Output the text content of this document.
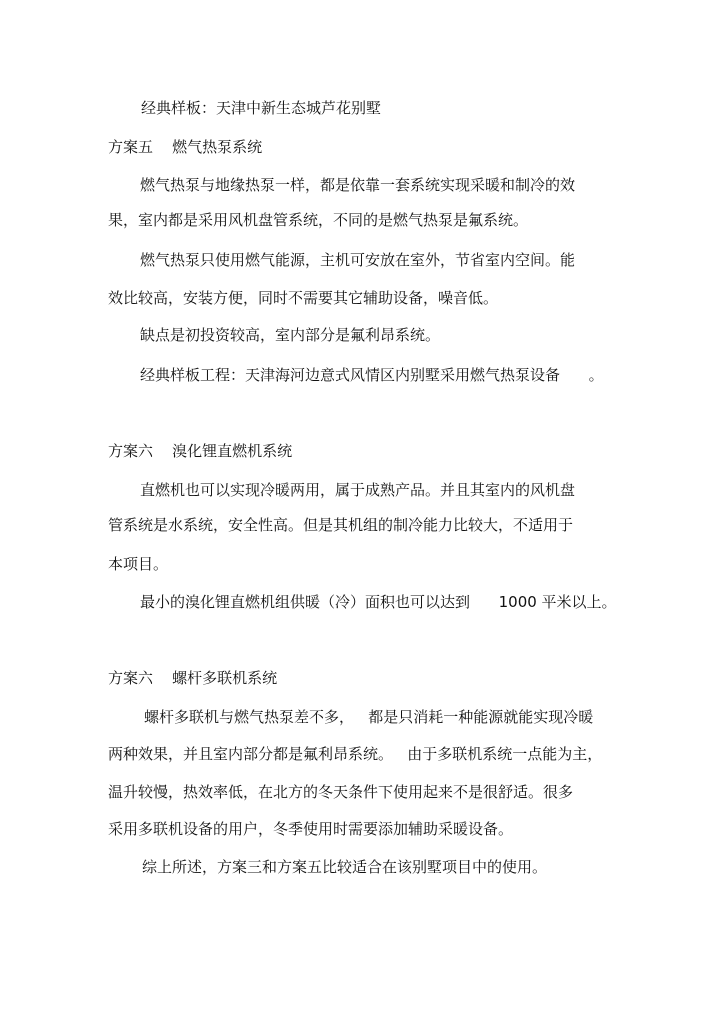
经典样板：天津中新生态城芦花别墅

方案五    燃气热泵系统

燃气热泵与地缘热泵一样，都是依靠一套系统实现采暖和制冷的效

果，室内都是采用风机盘管系统，不同的是燃气热泵是氟系统。

燃气热泵只使用燃气能源，主机可安放在室外，节省室内空间。能

效比较高，安装方便，同时不需要其它辅助设备，噪音低。

缺点是初投资较高，室内部分是氟利昂系统。

经典样板工程：天津海河边意式风情区内别墅采用燃气热泵设备      。

方案六    溴化锂直燃机系统

直燃机也可以实现冷暖两用，属于成熟产品。并且其室内的风机盘

管系统是水系统，安全性高。但是其机组的制冷能力比较大，不适用于

本项目。

最小的溴化锂直燃机组供暖（冷）面积也可以达到      1000 平米以上。

方案六    螺杆多联机系统

螺杆多联机与燃气热泵差不多，   都是只消耗一种能源就能实现冷暖

两种效果，并且室内部分都是氟利昂系统。   由于多联机系统一点能为主，

温升较慢，热效率低，在北方的冬天条件下使用起来不是很舒适。很多

采用多联机设备的用户，冬季使用时需要添加辅助采暖设备。

综上所述，方案三和方案五比较适合在该别墅项目中的使用。
